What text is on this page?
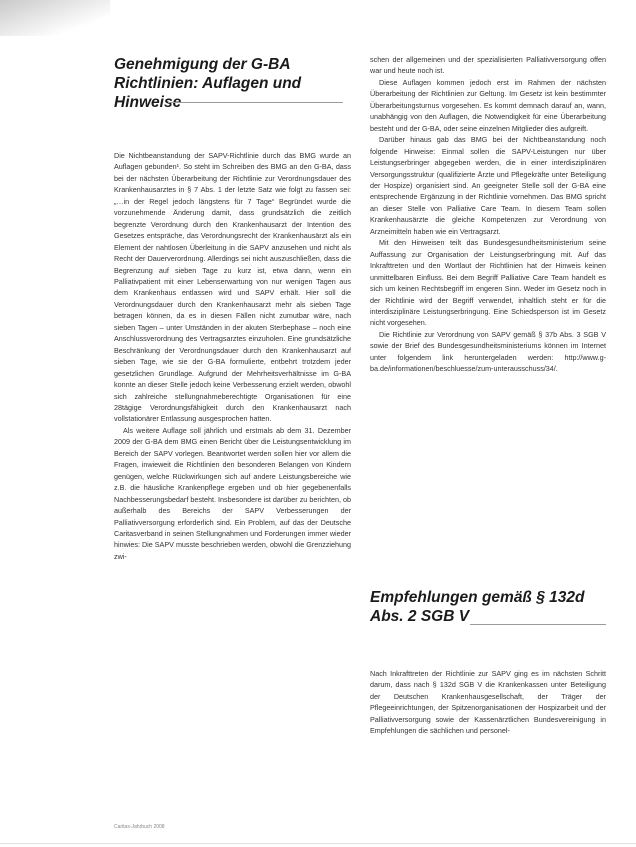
Genehmigung der G-BA Richtlinien: Auflagen und Hinweise

Die Nichtbeanstandung der SAPV-Richtlinie durch das BMG wurde an Auflagen gebunden¹. So steht im Schreiben des BMG an den G-BA, dass bei der nächsten Überarbeitung der Richtlinie zur Verordnungsdauer des Krankenhausarztes in § 7 Abs. 1 der letzte Satz wie folgt zu fassen sei: „…in der Regel jedoch längstens für 7 Tage“ Begründet wurde die vorzunehmende Änderung damit, dass grundsätzlich die zeitlich begrenzte Verordnung durch den Krankenhausarzt der Intention des Gesetzes entspräche, das Verordnungsrecht der Krankenhausärzt als ein Element der nahtlosen Überleitung in die SAPV anzusehen und nicht als Recht der Dauerverordnung. Allerdings sei nicht auszuschließen, dass die Begrenzung auf sieben Tage zu kurz ist, etwa dann, wenn ein Palliativpatient mit einer Lebenserwartung von nur wenigen Tagen aus dem Krankenhaus entlassen wird und SAPV erhält. Hier soll die Verordnungsdauer durch den Krankenhausarzt mehr als sieben Tage betragen können, da es in diesen Fällen nicht zumutbar wäre, nach sieben Tagen – unter Umständen in der akuten Sterbephase – noch eine Anschlussverordnung des Vertragsarztes einzuholen. Eine grundsätzliche Beschränkung der Verordnungsdauer durch den Krankenhausarzt auf sieben Tage, wie sie der G-BA formulierte, entbehrt trotzdem jeder gesetzlichen Grundlage. Aufgrund der Mehrheitsverhältnisse im G-BA konnte an dieser Stelle jedoch keine Verbesserung erzielt werden, obwohl sich zahlreiche stellungnahmeberechtigte Organisationen für eine 28tägige Verordnungsfähigkeit durch den Krankenhausarzt nach vollstationärer Entlassung ausgesprochen hatten.

Als weitere Auflage soll jährlich und erstmals ab dem 31. Dezember 2009 der G-BA dem BMG einen Bericht über die Leistungsentwicklung im Bereich der SAPV vorlegen. Beantwortet werden sollen hier vor allem die Fragen, inwieweit die Richtlinien den besonderen Belangen von Kindern genügen, welche Rückwirkungen sich auf andere Leistungsbereiche wie z.B. die häusliche Krankenpflege ergeben und ob hier gegebenenfalls Nachbesserungsbedarf besteht. Insbesondere ist darüber zu berichten, ob außerhalb des Bereichs der SAPV Verbesserungen der Palliativversorgung erforderlich sind. Ein Problem, auf das der Deutsche Caritasverband in seinen Stellungnahmen und Forderungen immer wieder hinwies: Die SAPV musste beschrieben werden, obwohl die Grenzziehung zwi-

schen der allgemeinen und der spezialisierten Palliativversorgung offen war und heute noch ist.

Diese Auflagen kommen jedoch erst im Rahmen der nächsten Überarbeitung der Richtlinien zur Geltung. Im Gesetz ist kein bestimmter Überarbeitungsturnus vorgesehen. Es kommt demnach darauf an, wann, unabhängig von den Auflagen, die Notwendigkeit für eine Überarbeitung besteht und der G-BA, oder seine einzelnen Mitglieder dies aufgreift.

Darüber hinaus gab das BMG bei der Nichtbeanstandung noch folgende Hinweise: Einmal sollen die SAPV-Leistungen nur über Leistungserbringer abgegeben werden, die in einer interdisziplinären Versorgungsstruktur (qualifizierte Ärzte und Pflegekräfte unter Beteiligung der Hospize) organisiert sind. An geeigneter Stelle soll der G-BA eine entsprechende Ergänzung in der Richtlinie vornehmen. Das BMG spricht an dieser Stelle von Palliative Care Team. In diesem Team sollen Krankenhausärzte die gleiche Kompetenzen zur Verordnung von Arzneimitteln haben wie ein Vertragsarzt.

Mit den Hinweisen teilt das Bundesgesundheitsministerium seine Auffassung zur Organisation der Leistungserbringung mit. Auf das Inkrafttreten und den Wortlaut der Richtlinien hat der Hinweis keinen unmittelbaren Einfluss. Bei dem Begriff Palliative Care Team handelt es sich um keinen Rechtsbegriff im engeren Sinn. Weder im Gesetz noch in der Richtlinie wird der Begriff verwendet, inhaltlich steht er für die interdisziplinäre Leistungserbringung. Eine Schiedsperson ist im Gesetz nicht vorgesehen.

Die Richtlinie zur Verordnung von SAPV gemäß § 37b Abs. 3 SGB V sowie der Brief des Bundesgesundheitsministeriums können im Internet unter folgendem link heruntergeladen werden: http://www.g-ba.de/informationen/beschluesse/zum-unterausschuss/34/.

Empfehlungen gemäß § 132d Abs. 2 SGB V

Nach Inkrafttreten der Richtlinie zur SAPV ging es im nächsten Schritt darum, dass nach § 132d SGB V die Krankenkassen unter Beteiligung der Deutschen Krankenhausgesellschaft, der Träger der Pflegeeinrichtungen, der Spitzenorganisationen der Hospizarbeit und der Palliativversorgung sowie der Kassenärztlichen Bundesvereinigung in Empfehlungen die sächlichen und personel-

Caritas-Jahrbuch 2008
